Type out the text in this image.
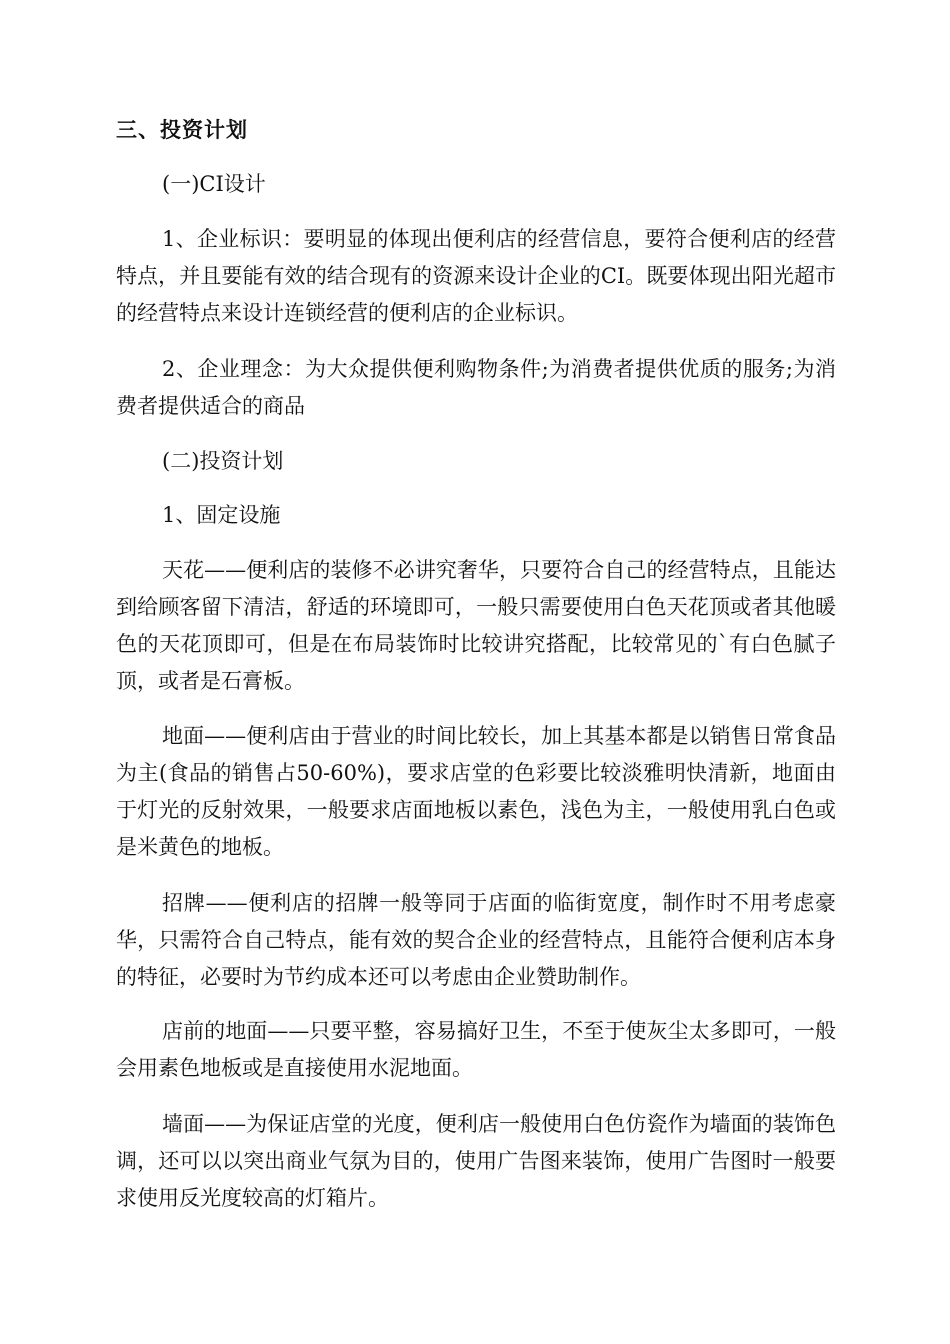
三、投资计划

(一)CI设计

1、企业标识：要明显的体现出便利店的经营信息，要符合便利店的经营特点，并且要能有效的结合现有的资源来设计企业的CI。既要体现出阳光超市的经营特点来设计连锁经营的便利店的企业标识。

2、企业理念：为大众提供便利购物条件;为消费者提供优质的服务;为消费者提供适合的商品

(二)投资计划

1、固定设施

天花——便利店的装修不必讲究奢华，只要符合自己的经营特点，且能达到给顾客留下清洁，舒适的环境即可，一般只需要使用白色天花顶或者其他暖色的天花顶即可，但是在布局装饰时比较讲究搭配，比较常见的`有白色腻子顶，或者是石膏板。

地面——便利店由于营业的时间比较长，加上其基本都是以销售日常食品为主(食品的销售占50-60%)，要求店堂的色彩要比较淡雅明快清新，地面由于灯光的反射效果，一般要求店面地板以素色，浅色为主，一般使用乳白色或是米黄色的地板。

招牌——便利店的招牌一般等同于店面的临街宽度，制作时不用考虑豪华，只需符合自己特点，能有效的契合企业的经营特点，且能符合便利店本身的特征，必要时为节约成本还可以考虑由企业赞助制作。

店前的地面——只要平整，容易搞好卫生，不至于使灰尘太多即可，一般会用素色地板或是直接使用水泥地面。

墙面——为保证店堂的光度，便利店一般使用白色仿瓷作为墙面的装饰色调，还可以以突出商业气氛为目的，使用广告图来装饰，使用广告图时一般要求使用反光度较高的灯箱片。
